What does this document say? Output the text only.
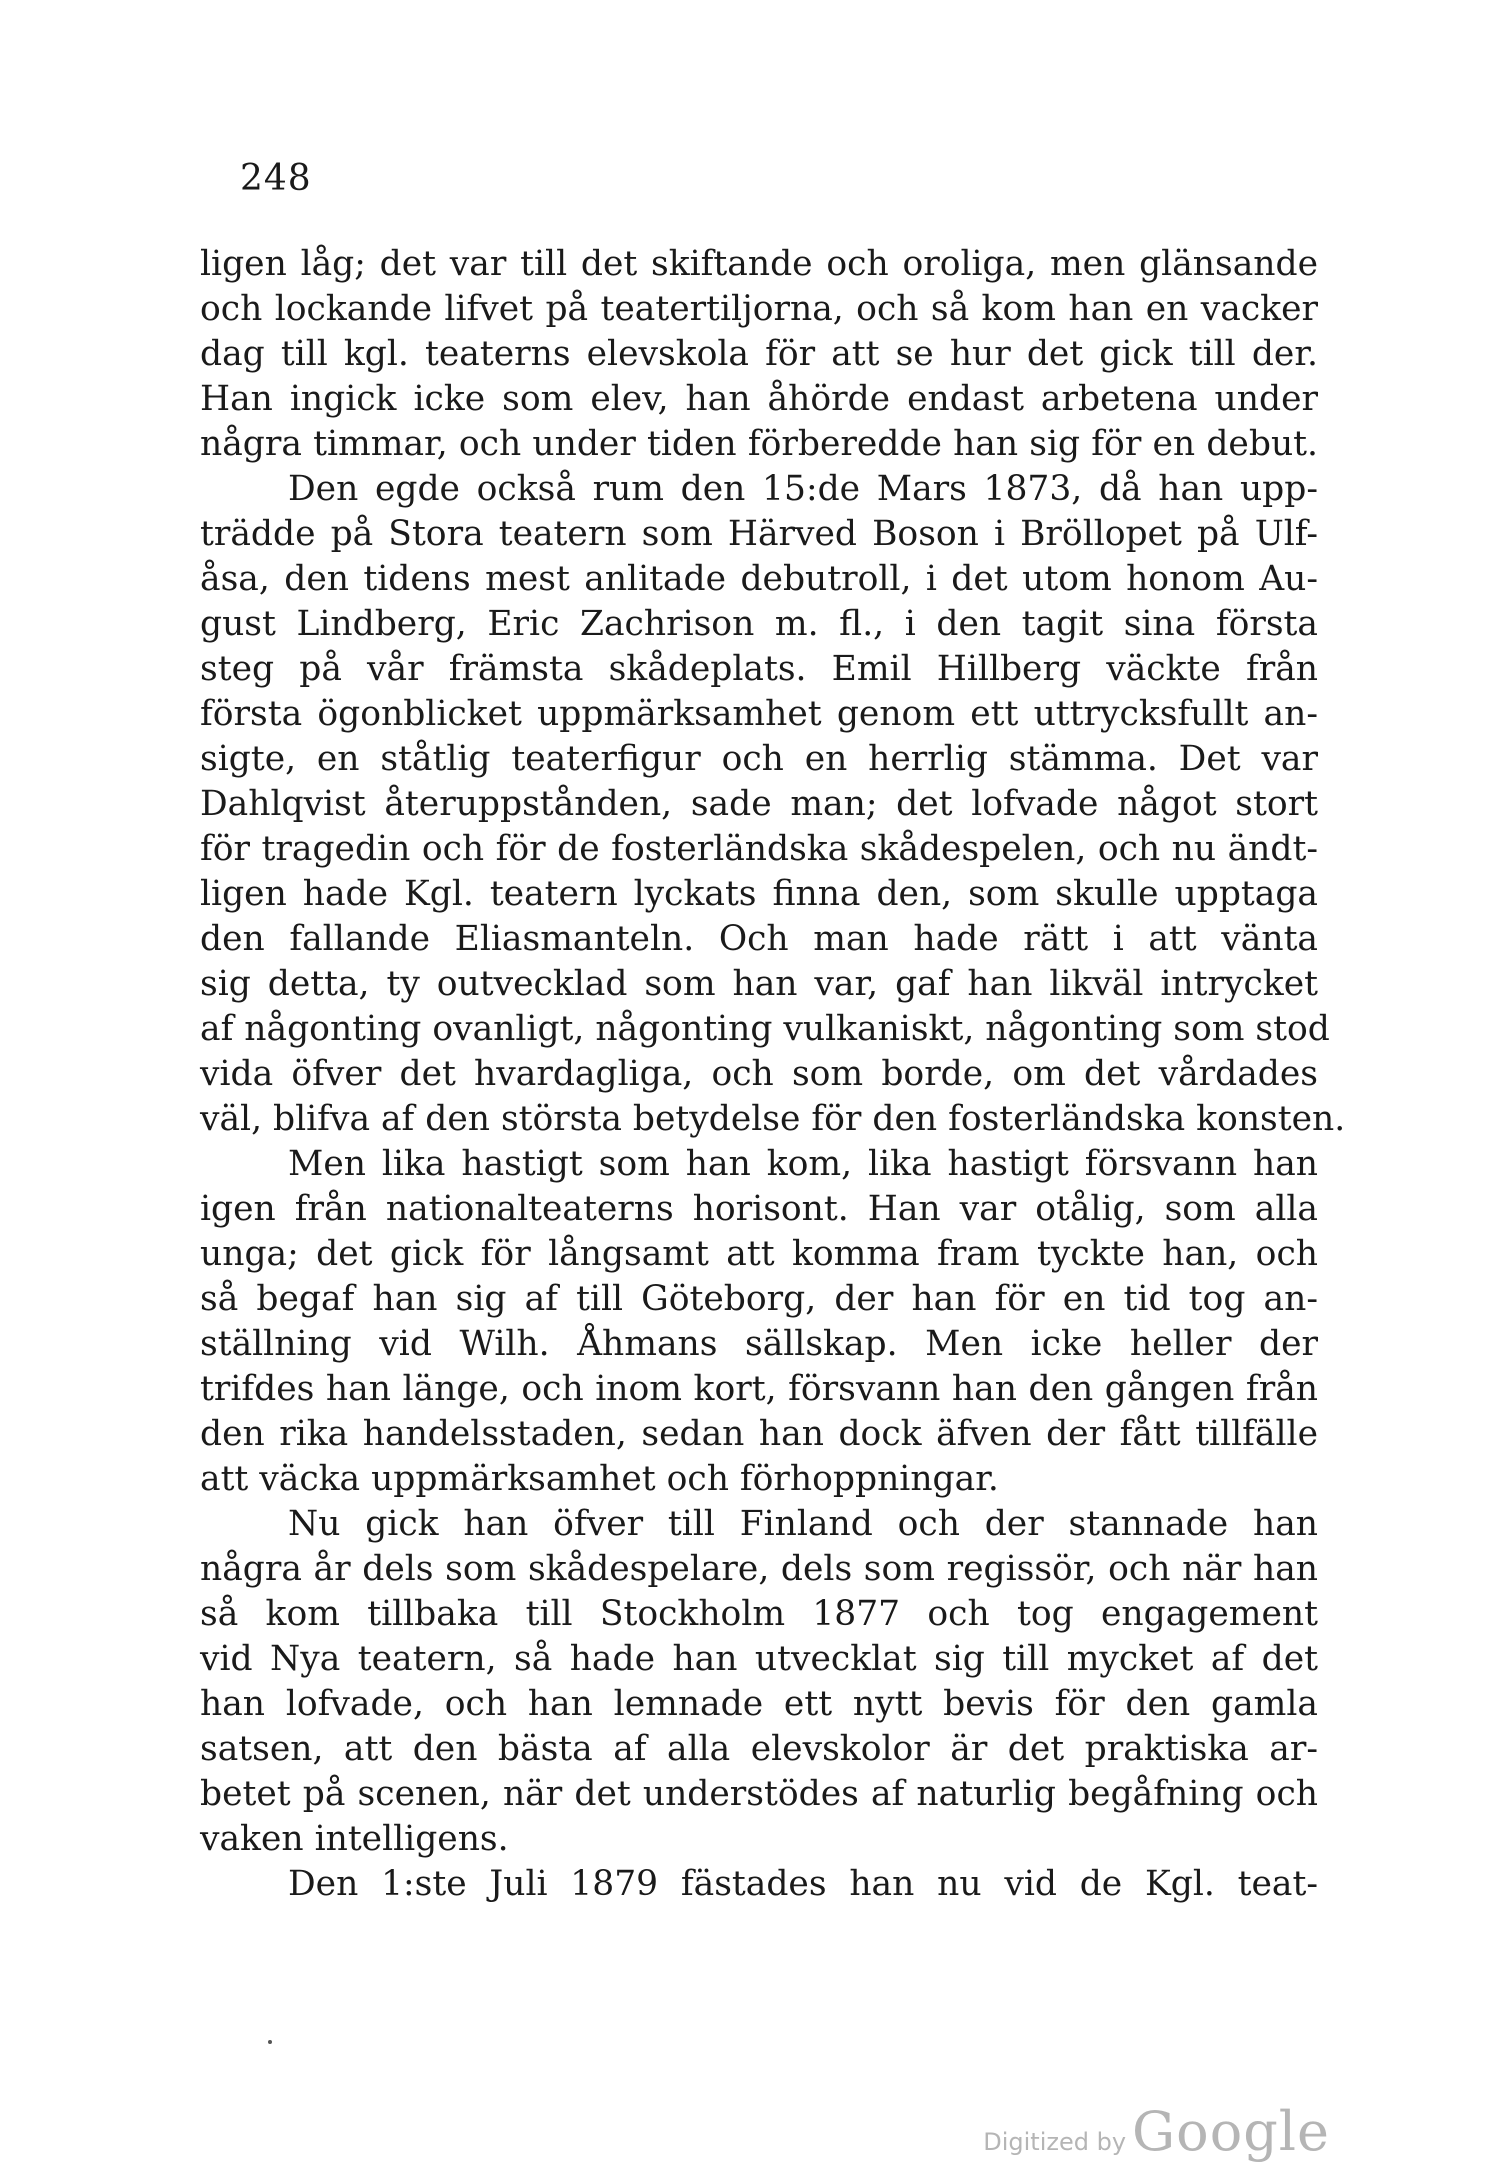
248
ligen låg; det var till det skiftande och oroliga, men glänsande
och lockande lifvet på teatertiljorna, och så kom han en vacker
dag till kgl. teaterns elevskola för att se hur det gick till der.
Han ingick icke som elev, han åhörde endast arbetena under
några timmar, och under tiden förberedde han sig för en debut.
Den egde också rum den 15:de Mars 1873, då han upp-
trädde på Stora teatern som Härved Boson i Bröllopet på Ulf-
åsa, den tidens mest anlitade debutroll, i det utom honom Au-
gust Lindberg, Eric Zachrison m. fl., i den tagit sina första
steg på vår främsta skådeplats. Emil Hillberg väckte från
första ögonblicket uppmärksamhet genom ett uttrycksfullt an-
sigte, en ståtlig teaterfigur och en herrlig stämma. Det var
Dahlqvist återuppstånden, sade man; det lofvade något stort
för tragedin och för de fosterländska skådespelen, och nu ändt-
ligen hade Kgl. teatern lyckats finna den, som skulle upptaga
den fallande Eliasmanteln. Och man hade rätt i att vänta
sig detta, ty outvecklad som han var, gaf han likväl intrycket
af någonting ovanligt, någonting vulkaniskt, någonting som stod
vida öfver det hvardagliga, och som borde, om det vårdades
väl, blifva af den största betydelse för den fosterländska konsten.
Men lika hastigt som han kom, lika hastigt försvann han
igen från nationalteaterns horisont. Han var otålig, som alla
unga; det gick för långsamt att komma fram tyckte han, och
så begaf han sig af till Göteborg, der han för en tid tog an-
ställning vid Wilh. Åhmans sällskap. Men icke heller der
trifdes han länge, och inom kort, försvann han den gången från
den rika handelsstaden, sedan han dock äfven der fått tillfälle
att väcka uppmärksamhet och förhoppningar.
Nu gick han öfver till Finland och der stannade han
några år dels som skådespelare, dels som regissör, och när han
så kom tillbaka till Stockholm 1877 och tog engagement
vid Nya teatern, så hade han utvecklat sig till mycket af det
han lofvade, och han lemnade ett nytt bevis för den gamla
satsen, att den bästa af alla elevskolor är det praktiska ar-
betet på scenen, när det understödes af naturlig begåfning och
vaken intelligens.
Den 1:ste Juli 1879 fästades han nu vid de Kgl. teat-
Digitized by Google
